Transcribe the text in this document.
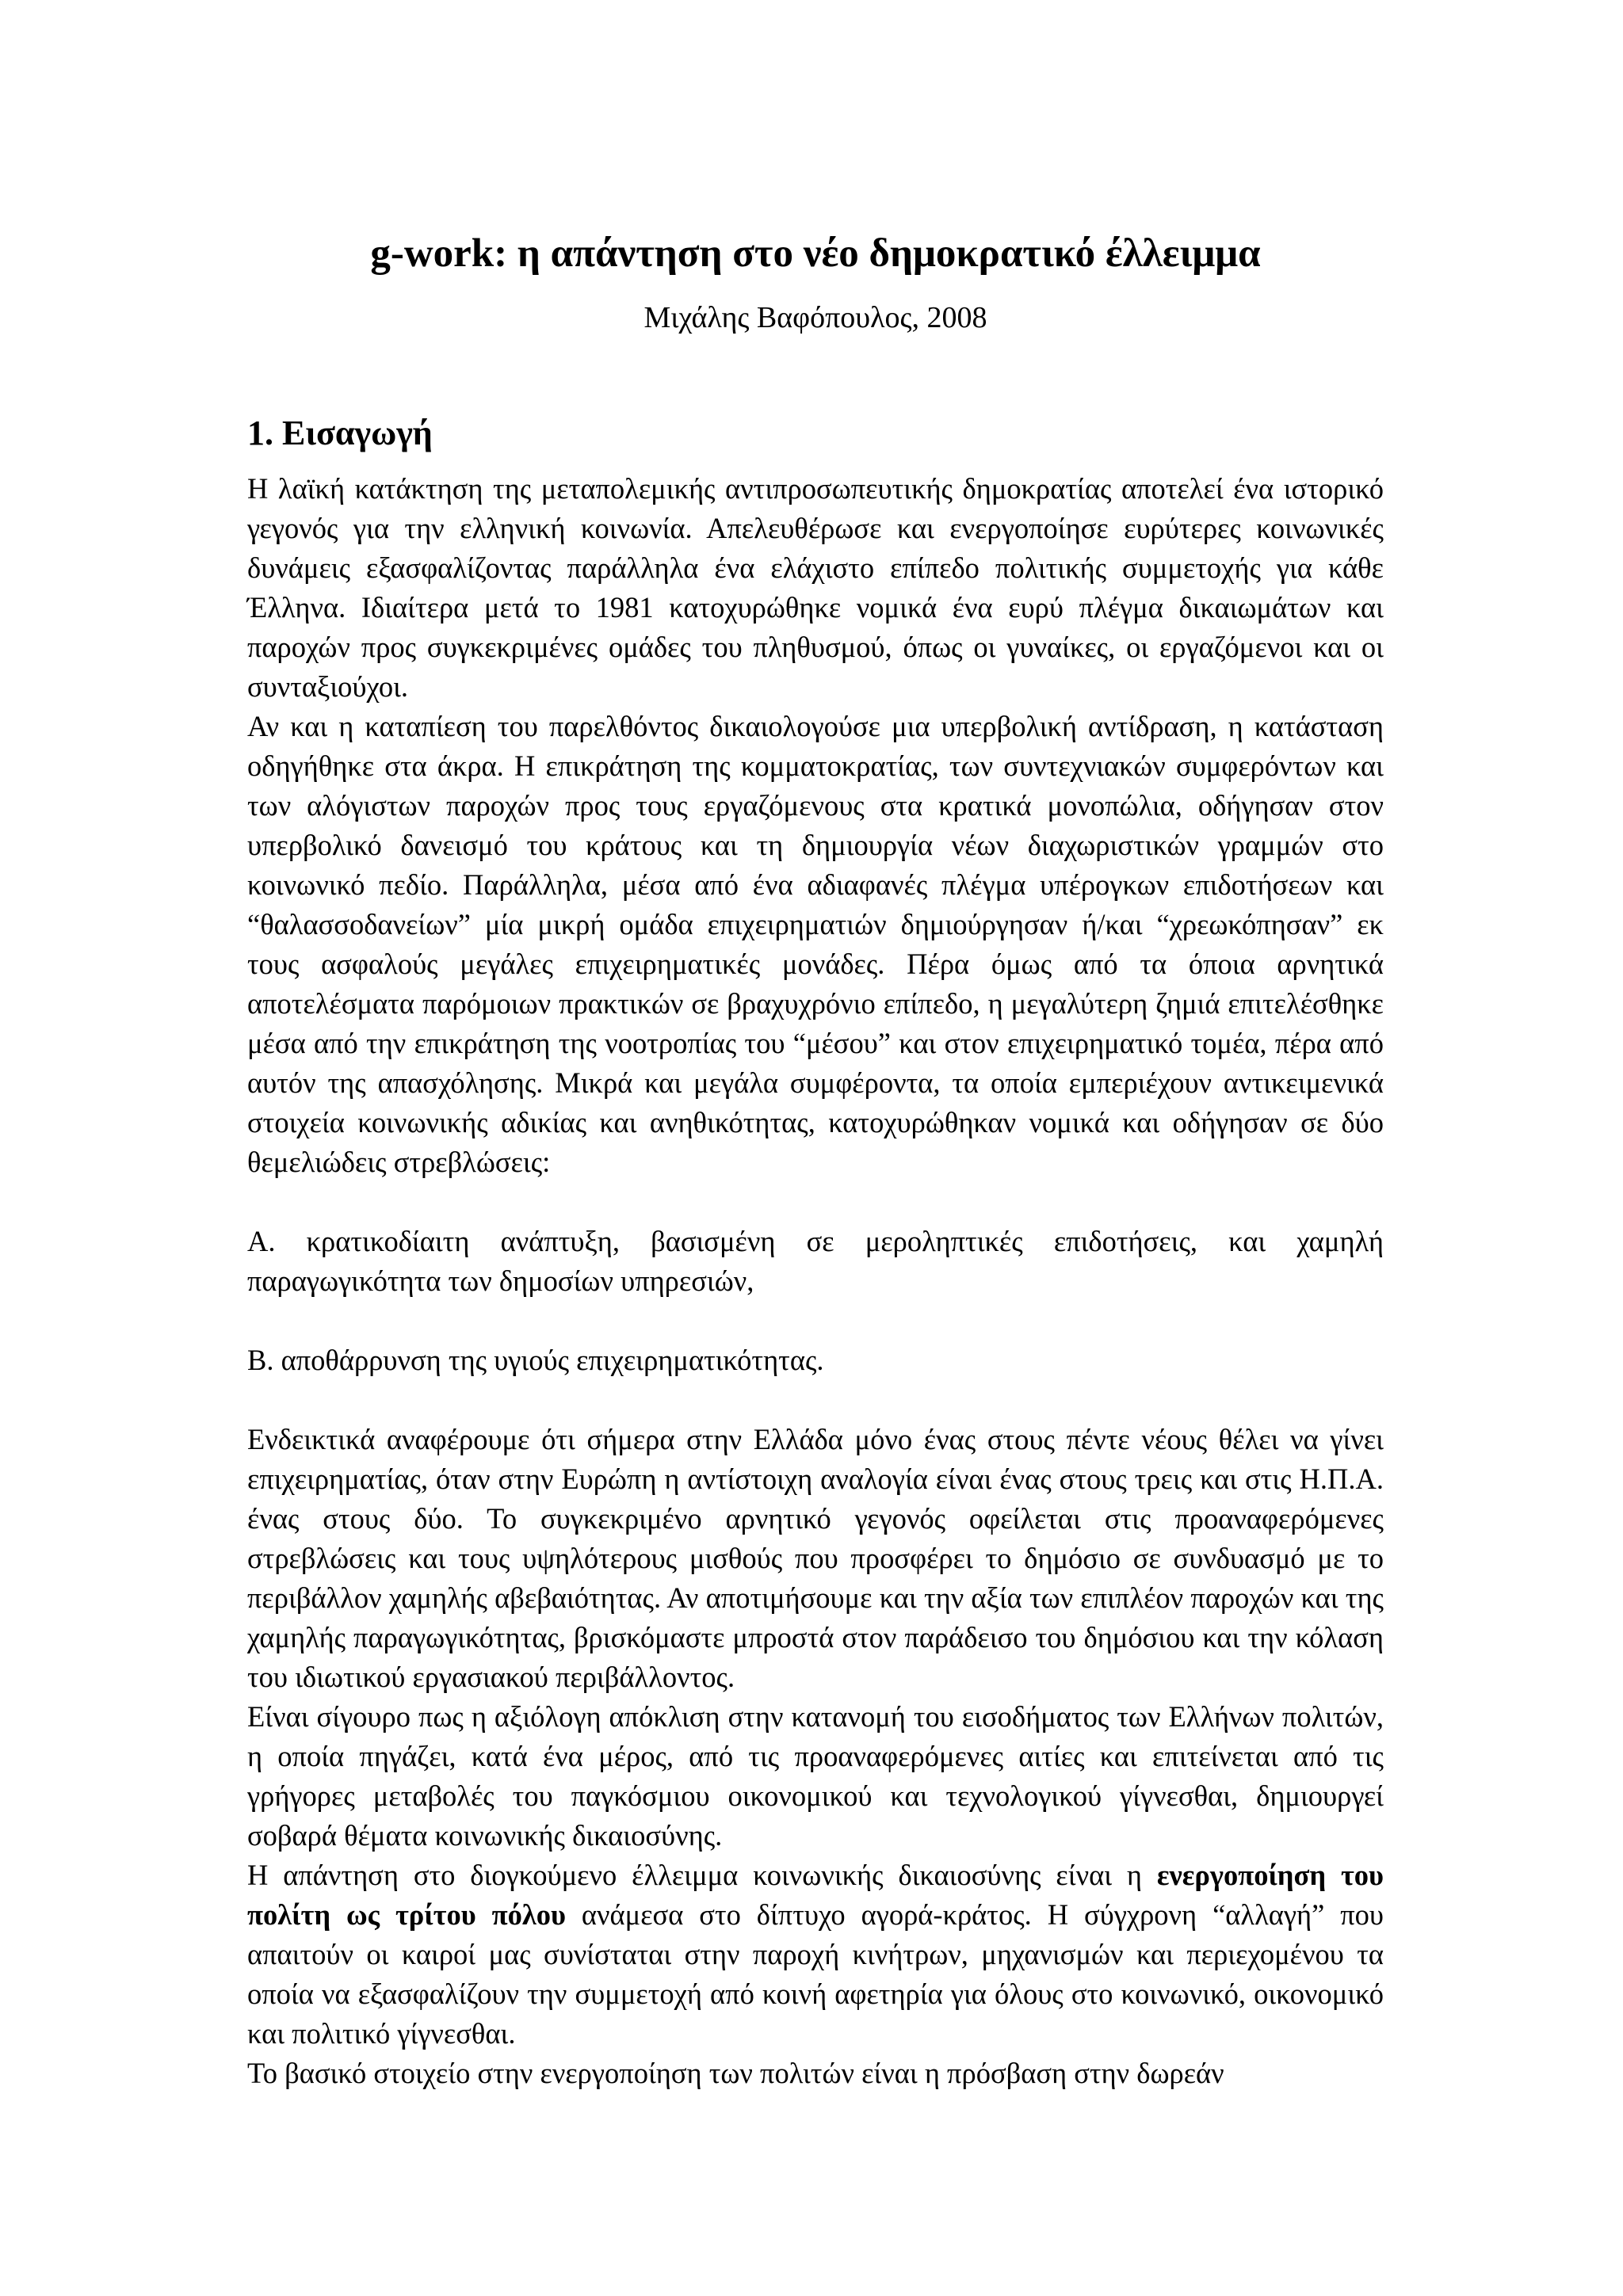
g-work: η απάντηση στο νέο δημοκρατικό έλλειμμα

Μιχάλης Βαφόπουλος, 2008

1. Εισαγωγή

Η λαϊκή κατάκτηση της μεταπολεμικής αντιπροσωπευτικής δημοκρατίας αποτελεί ένα ιστορικό γεγονός για την ελληνική κοινωνία. Απελευθέρωσε και ενεργοποίησε ευρύτερες κοινωνικές δυνάμεις εξασφαλίζοντας παράλληλα ένα ελάχιστο επίπεδο πολιτικής συμμετοχής για κάθε Έλληνα. Ιδιαίτερα μετά το 1981 κατοχυρώθηκε νομικά ένα ευρύ πλέγμα δικαιωμάτων και παροχών προς συγκεκριμένες ομάδες του πληθυσμού, όπως οι γυναίκες, οι εργαζόμενοι και οι συνταξιούχοι.

Αν και η καταπίεση του παρελθόντος δικαιολογούσε μια υπερβολική αντίδραση, η κατάσταση οδηγήθηκε στα άκρα. Η επικράτηση της κομματοκρατίας, των συντεχνιακών συμφερόντων και των αλόγιστων παροχών προς τους εργαζόμενους στα κρατικά μονοπώλια, οδήγησαν στον υπερβολικό δανεισμό του κράτους και τη δημιουργία νέων διαχωριστικών γραμμών στο κοινωνικό πεδίο. Παράλληλα, μέσα από ένα αδιαφανές πλέγμα υπέρογκων επιδοτήσεων και “θαλασσοδανείων” μία μικρή ομάδα επιχειρηματιών δημιούργησαν ή/και “χρεωκόπησαν” εκ τους ασφαλούς μεγάλες επιχειρηματικές μονάδες. Πέρα όμως από τα όποια αρνητικά αποτελέσματα παρόμοιων πρακτικών σε βραχυχρόνιο επίπεδο, η μεγαλύτερη ζημιά επιτελέσθηκε μέσα από την επικράτηση της νοοτροπίας του “μέσου” και στον επιχειρηματικό τομέα, πέρα από αυτόν της απασχόλησης. Μικρά και μεγάλα συμφέροντα, τα οποία εμπεριέχουν αντικειμενικά στοιχεία κοινωνικής αδικίας και ανηθικότητας, κατοχυρώθηκαν νομικά και οδήγησαν σε δύο θεμελιώδεις στρεβλώσεις:

Α. κρατικοδίαιτη ανάπτυξη, βασισμένη σε μεροληπτικές επιδοτήσεις, και χαμηλή παραγωγικότητα των δημοσίων υπηρεσιών,

Β. αποθάρρυνση της υγιούς επιχειρηματικότητας.

Ενδεικτικά αναφέρουμε ότι σήμερα στην Ελλάδα μόνο ένας στους πέντε νέους θέλει να γίνει επιχειρηματίας, όταν στην Ευρώπη η αντίστοιχη αναλογία είναι ένας στους τρεις και στις Η.Π.Α. ένας στους δύο. Το συγκεκριμένο αρνητικό γεγονός οφείλεται στις προαναφερόμενες στρεβλώσεις και τους υψηλότερους μισθούς που προσφέρει το δημόσιο σε συνδυασμό με το περιβάλλον χαμηλής αβεβαιότητας. Αν αποτιμήσουμε και την αξία των επιπλέον παροχών και της χαμηλής παραγωγικότητας, βρισκόμαστε μπροστά στον παράδεισο του δημόσιου και την κόλαση του ιδιωτικού εργασιακού περιβάλλοντος.

Είναι σίγουρο πως η αξιόλογη απόκλιση στην κατανομή του εισοδήματος των Ελλήνων πολιτών, η οποία πηγάζει, κατά ένα μέρος, από τις προαναφερόμενες αιτίες και επιτείνεται από τις γρήγορες μεταβολές του παγκόσμιου οικονομικού και τεχνολογικού γίγνεσθαι, δημιουργεί σοβαρά θέματα κοινωνικής δικαιοσύνης.

Η απάντηση στο διογκούμενο έλλειμμα κοινωνικής δικαιοσύνης είναι η ενεργοποίηση του πολίτη ως τρίτου πόλου ανάμεσα στο δίπτυχο αγορά-κράτος. Η σύγχρονη “αλλαγή” που απαιτούν οι καιροί μας συνίσταται στην παροχή κινήτρων, μηχανισμών και περιεχομένου τα οποία να εξασφαλίζουν την συμμετοχή από κοινή αφετηρία για όλους στο κοινωνικό, οικονομικό και πολιτικό γίγνεσθαι.

Το βασικό στοιχείο στην ενεργοποίηση των πολιτών είναι η πρόσβαση στην δωρεάν
